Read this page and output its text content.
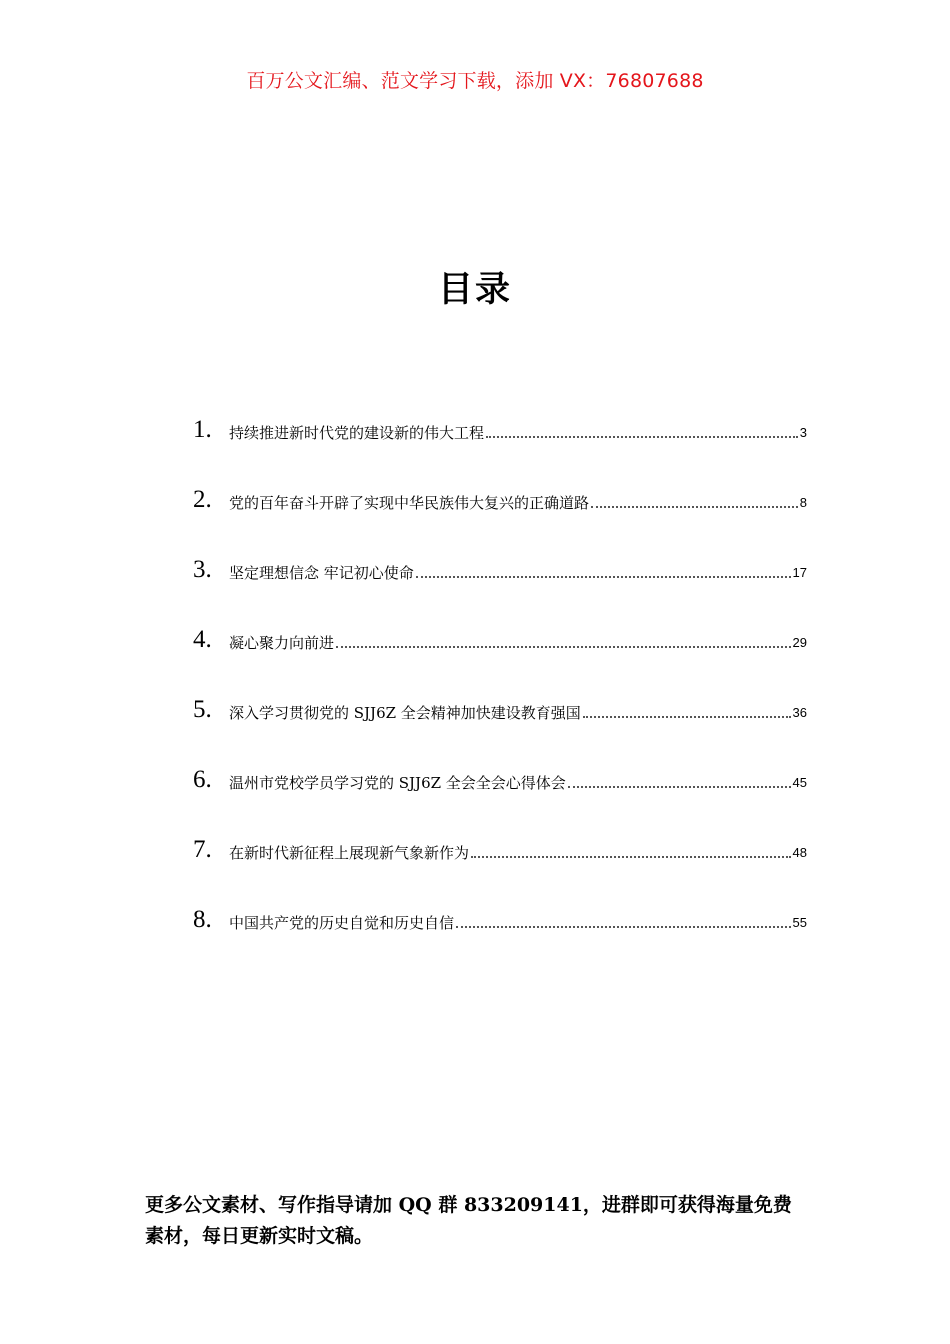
百万公文汇编、范文学习下载，添加 VX：76807688
目录
1.	持续推进新时代党的建设新的伟大工程	3
2.	党的百年奋斗开辟了实现中华民族伟大复兴的正确道路	8
3.	坚定理想信念 牢记初心使命	17
4.	凝心聚力向前进	29
5.	深入学习贯彻党的 SJJ6Z 全会精神加快建设教育强国	36
6.	温州市党校学员学习党的 SJJ6Z 全会全会心得体会	45
7.	在新时代新征程上展现新气象新作为	48
8.	中国共产党的历史自觉和历史自信	55
更多公文素材、写作指导请加 QQ 群 833209141，进群即可获得海量免费素材，每日更新实时文稿。
